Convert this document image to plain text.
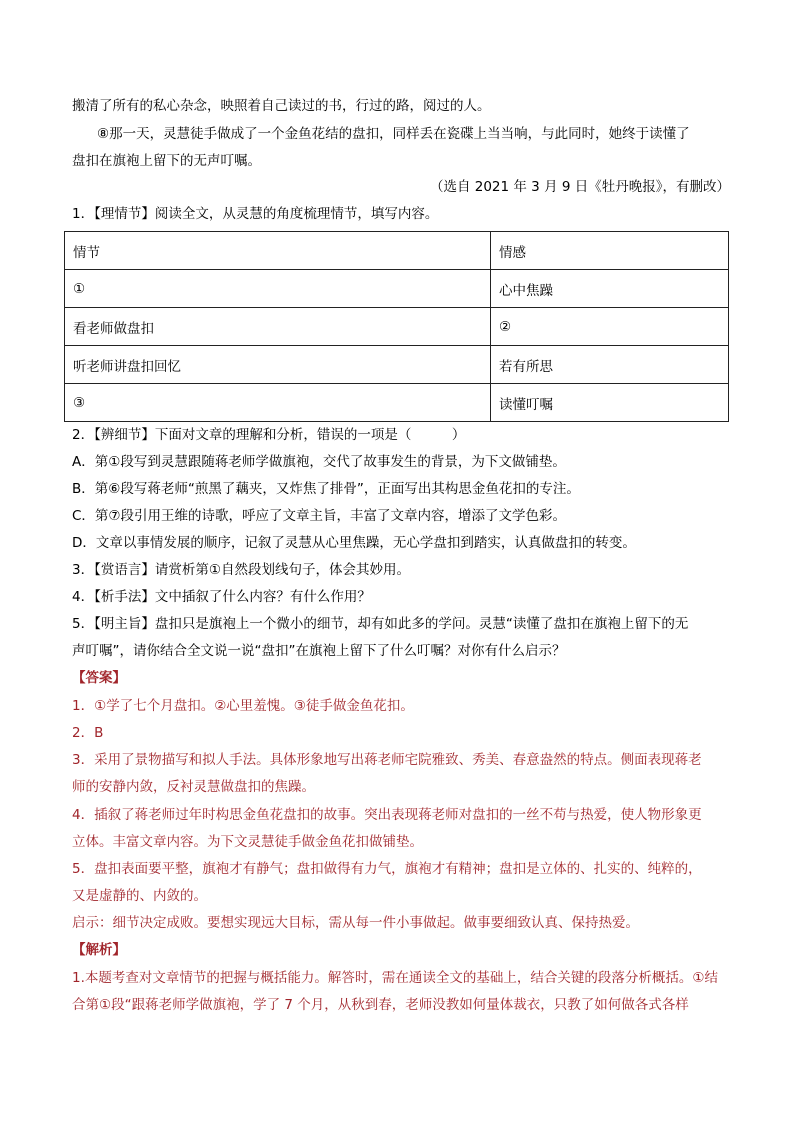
搬清了所有的私心杂念，映照着自己读过的书，行过的路，阅过的人。
⑧那一天，灵慧徒手做成了一个金鱼花结的盘扣，同样丢在瓷碟上当当响，与此同时，她终于读懂了
盘扣在旗袍上留下的无声叮嘱。
（选自 2021 年 3 月 9 日《牡丹晚报》，有删改）
1．【理情节】阅读全文，从灵慧的角度梳理情节，填写内容。
情节	情感
①	心中焦躁
看老师做盘扣	②
听老师讲盘扣回忆	若有所思
③	读懂叮嘱
2．【辨细节】下面对文章的理解和分析，错误的一项是（　　　）
A．第①段写到灵慧跟随蒋老师学做旗袍，交代了故事发生的背景，为下文做铺垫。
B．第⑥段写蒋老师“煎黑了藕夹，又炸焦了排骨”，正面写出其构思金鱼花扣的专注。
C．第⑦段引用王维的诗歌，呼应了文章主旨，丰富了文章内容，增添了文学色彩。
D．文章以事情发展的顺序，记叙了灵慧从心里焦躁，无心学盘扣到踏实，认真做盘扣的转变。
3．【赏语言】请赏析第①自然段划线句子，体会其妙用。
4．【析手法】文中插叙了什么内容？有什么作用？
5．【明主旨】盘扣只是旗袍上一个微小的细节，却有如此多的学问。灵慧“读懂了盘扣在旗袍上留下的无
声叮嘱”，请你结合全文说一说“盘扣”在旗袍上留下了什么叮嘱？对你有什么启示？
【答案】
1．①学了七个月盘扣。②心里羞愧。③徒手做金鱼花扣。
2．B
3．采用了景物描写和拟人手法。具体形象地写出蒋老师宅院雅致、秀美、春意盎然的特点。侧面表现蒋老
师的安静内敛，反衬灵慧做盘扣的焦躁。
4．插叙了蒋老师过年时构思金鱼花盘扣的故事。突出表现蒋老师对盘扣的一丝不苟与热爱，使人物形象更
立体。丰富文章内容。为下文灵慧徒手做金鱼花扣做铺垫。
5．盘扣表面要平整，旗袍才有静气；盘扣做得有力气，旗袍才有精神；盘扣是立体的、扎实的、纯粹的，
又是虚静的、内敛的。
启示：细节决定成败。要想实现远大目标，需从每一件小事做起。做事要细致认真、保持热爱。
【解析】
1.本题考查对文章情节的把握与概括能力。解答时，需在通读全文的基础上，结合关键的段落分析概括。①结
合第①段“跟蒋老师学做旗袍，学了 7 个月，从秋到春，老师没教如何量体裁衣，只教了如何做各式各样
